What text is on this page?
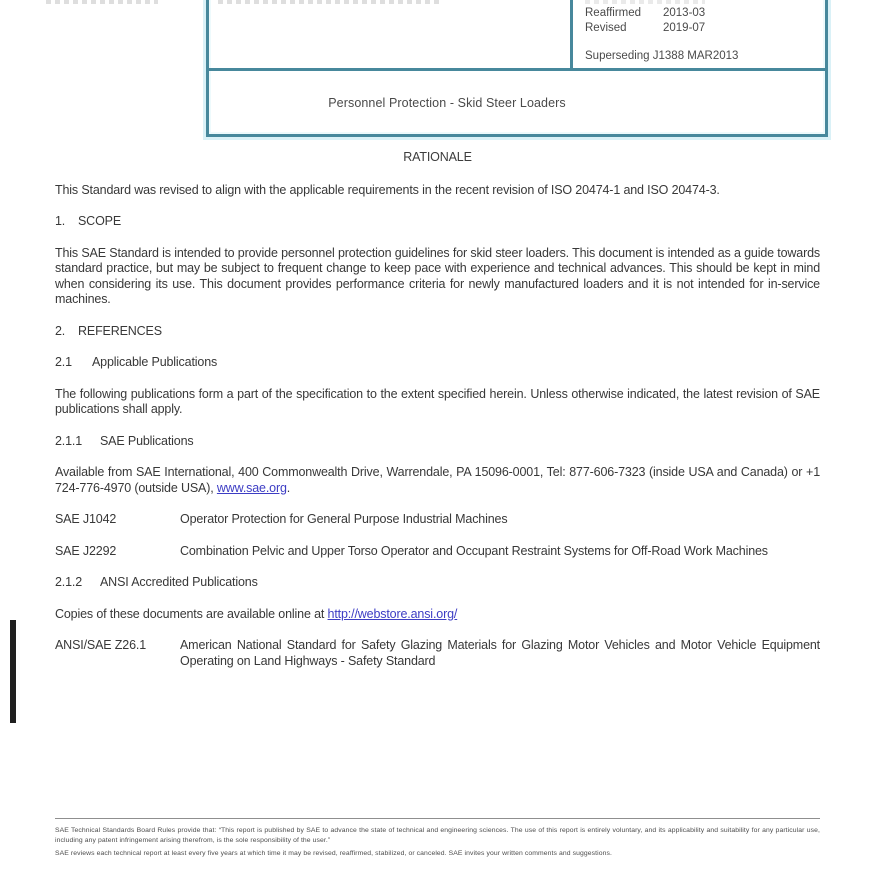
Reaffirmed	2013-03
Revised	2019-07
Superseding J1388 MAR2013
Personnel Protection - Skid Steer Loaders
RATIONALE

This Standard was revised to align with the applicable requirements in the recent revision of ISO 20474-1 and ISO 20474-3.

1.	SCOPE

This SAE Standard is intended to provide personnel protection guidelines for skid steer loaders. This document is intended as a guide towards standard practice, but may be subject to frequent change to keep pace with experience and technical advances. This should be kept in mind when considering its use. This document provides performance criteria for newly manufactured loaders and it is not intended for in-service machines.

2.	REFERENCES
2.1	Applicable Publications

The following publications form a part of the specification to the extent specified herein. Unless otherwise indicated, the latest revision of SAE publications shall apply.

2.1.1	SAE Publications

Available from SAE International, 400 Commonwealth Drive, Warrendale, PA 15096-0001, Tel: 877-606-7323 (inside USA and Canada) or +1 724-776-4970 (outside USA), www.sae.org.

SAE J1042	Operator Protection for General Purpose Industrial Machines
SAE J2292	Combination Pelvic and Upper Torso Operator and Occupant Restraint Systems for Off-Road Work Machines
2.1.2	ANSI Accredited Publications

Copies of these documents are available online at http://webstore.ansi.org/

ANSI/SAE Z26.1	American National Standard for Safety Glazing Materials for Glazing Motor Vehicles and Motor Vehicle Equipment Operating on Land Highways - Safety Standard

SAE Technical Standards Board Rules provide that: “This report is published by SAE to advance the state of technical and engineering sciences. The use of this report is entirely voluntary, and its applicability and suitability for any particular use, including any patent infringement arising therefrom, is the sole responsibility of the user.”

SAE reviews each technical report at least every five years at which time it may be revised, reaffirmed, stabilized, or canceled. SAE invites your written comments and suggestions.
